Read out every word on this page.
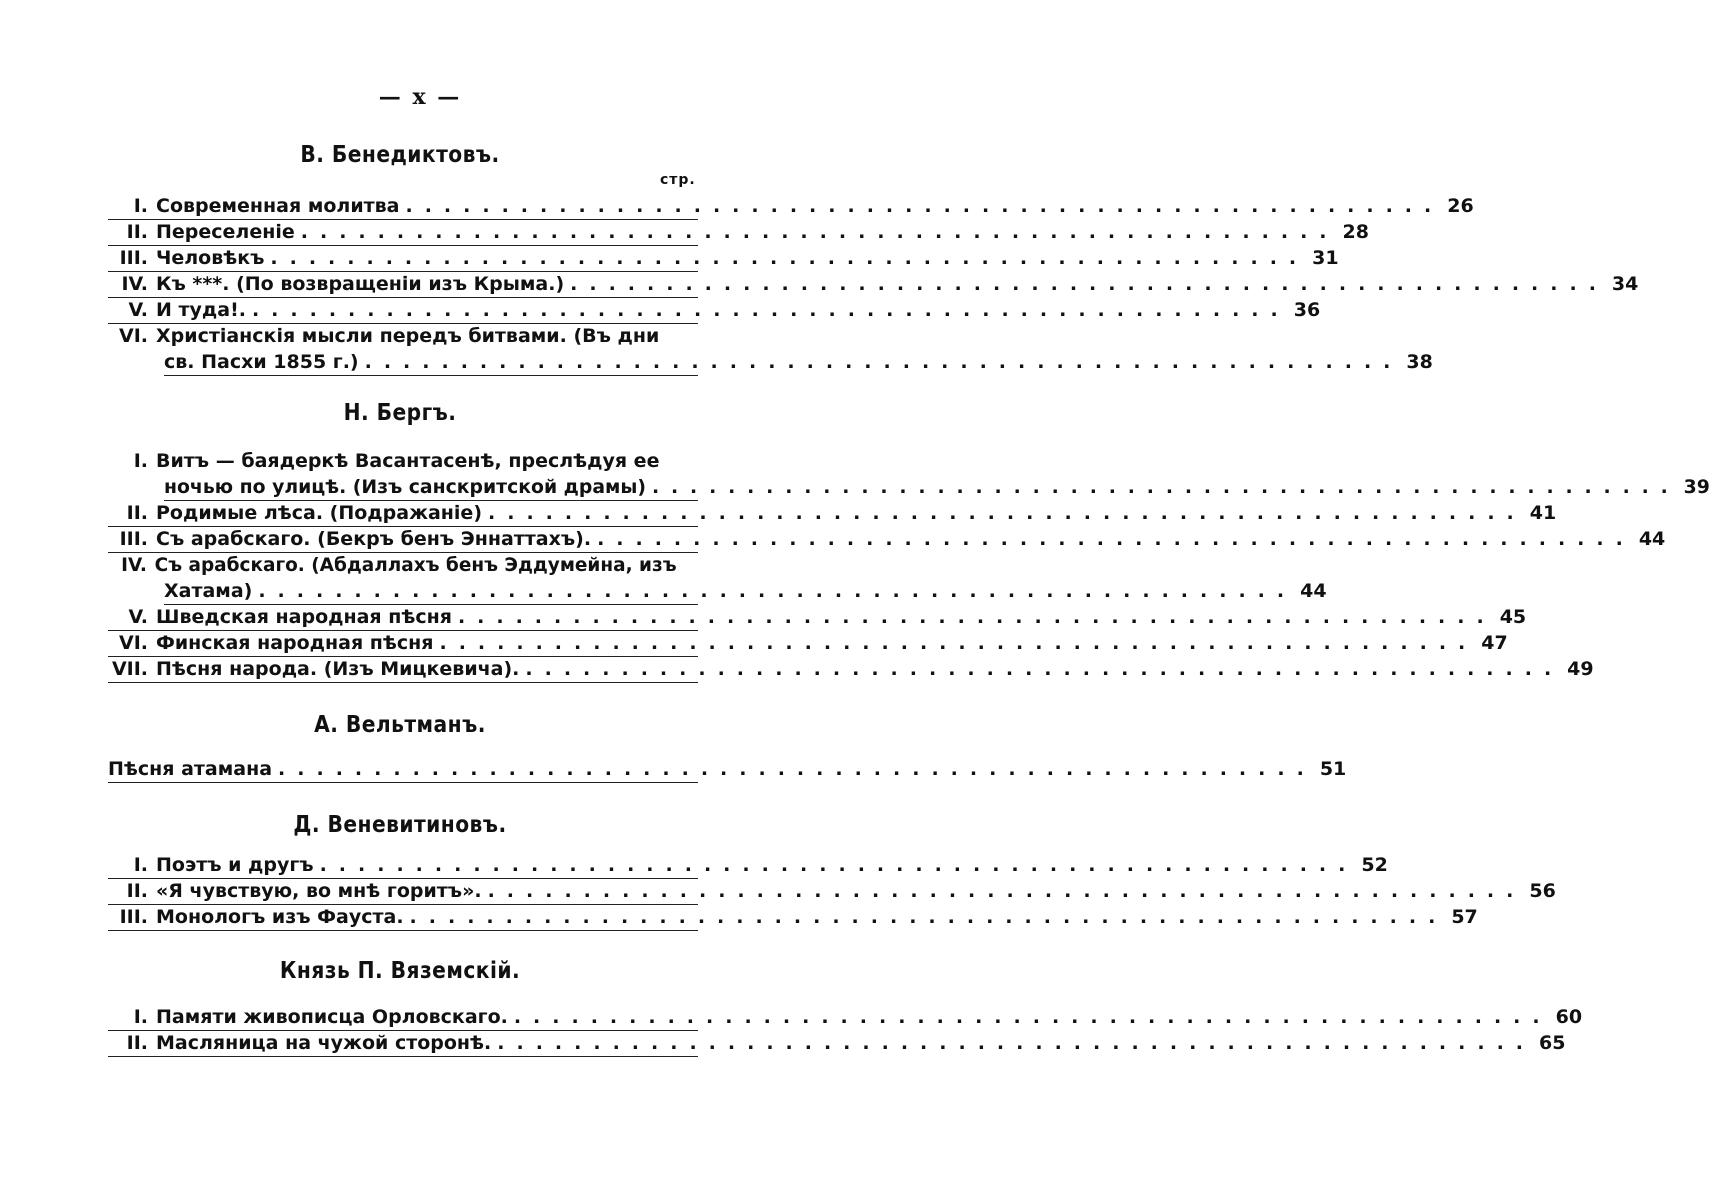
— x —
стр.
В. Бенедиктовъ.
Н. Бергъ.
А. Вельтманъ.
Д. Веневитиновъ.
Князь П. Вяземскій.
I. Современная молитва ...................................................... 26
II. Переселеніе ...................................................... 28
III. Человѣкъ ...................................................... 31
IV. Къ ***. (По возвращеніи изъ Крыма.) ...................................................... 34
V. И туда!. ...................................................... 36
VI. Христіанскія мысли передъ битвами. (Въ дни
св. Пасхи 1855 г.) ...................................................... 38
I. Витъ — баядеркѣ Васантасенѣ, преслѣдуя ее
ночью по улицѣ. (Изъ санскритской драмы) ...................................................... 39
II. Родимые лѣса. (Подражаніе) ...................................................... 41
III. Съ арабскаго. (Бекръ бенъ Эннаттахъ). ...................................................... 44
IV. Съ арабскаго. (Абдаллахъ бенъ Эддумейна, изъ
Хатама) ...................................................... 44
V. Шведская народная пѣсня ...................................................... 45
VI. Финская народная пѣсня ...................................................... 47
VII. Пѣсня народа. (Изъ Мицкевича). ...................................................... 49
Пѣсня атамана ...................................................... 51
I. Поэтъ и другъ ...................................................... 52
II. «Я чувствую, во мнѣ горитъ». ...................................................... 56
III. Монологъ изъ Фауста. ...................................................... 57
I. Памяти живописца Орловскаго. ...................................................... 60
II. Масляница на чужой сторонѣ. ...................................................... 65
